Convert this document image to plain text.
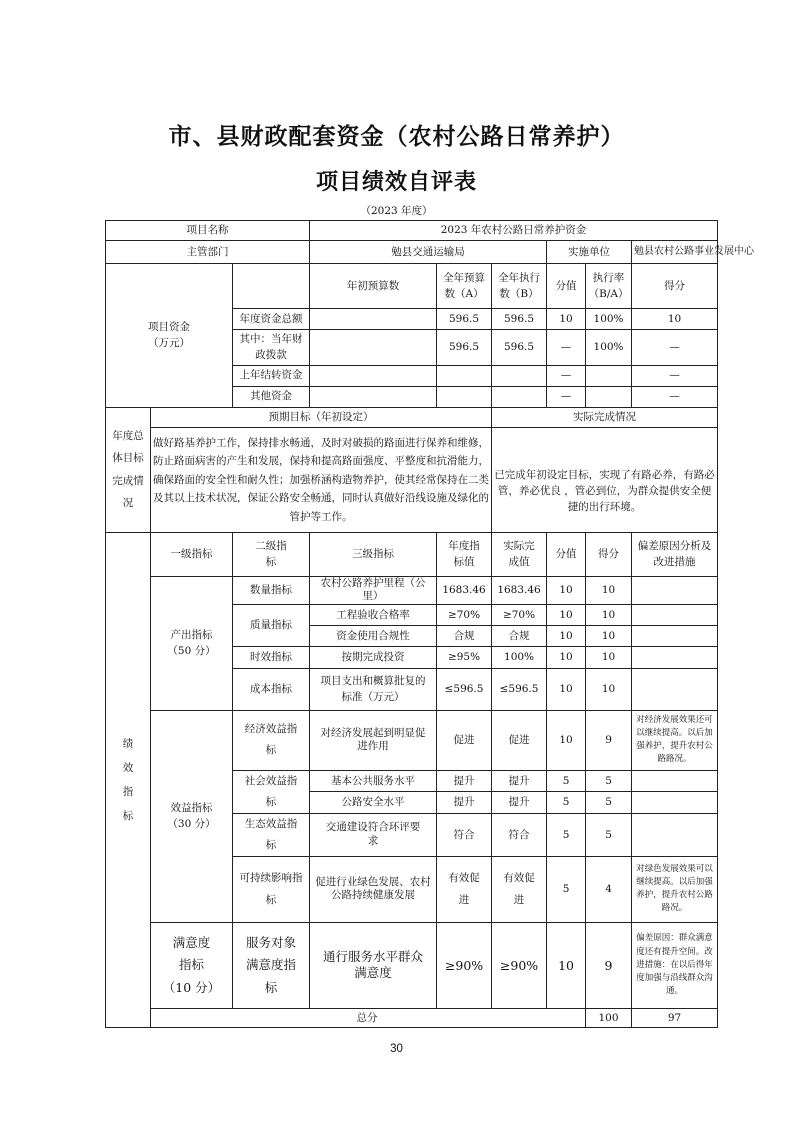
市、县财政配套资金（农村公路日常养护）
项目绩效自评表
（2023 年度）
项目名称			2023 年农村公路日常养护资金						
主管部门			勉县交通运输局			实施单位		勉县农村公路事业发展中心	

项目资金
（万元）			年初预算数	全年预算数（A）	全年执行数（B）	分值	执行率（B/A）	得分	
		年度资金总额		596.5	596.5	10	100%	10	
		其中：当年财政拨款		596.5	596.5	—	100%	—	
		上年结转资金				—		—	
		其他资金				—		—	
年度总体目标完成情况	预期目标（年初设定）				实际完成情况				
	做好路基养护工作，保持排水畅通，及时对破损的路面进行保养和维修，防止路面病害的产生和发展，保持和提高路面强度、平整度和抗滑能力，确保路面的安全性和耐久性；加强桥涵构造物养护，使其经常保持在二类及其以上技术状况，保证公路安全畅通，同时认真做好沿线设施及绿化的管护等工作。				已完成年初设定目标，实现了有路必养，有路必管，养必优良 ，管必到位，为群众提供安全便捷的出行环境。				

绩效指标	一级指标	二级指标	三级指标	年度指标值	实际完成值	分值	得分	偏差原因分析及改进措施	

	产出指标
（50 分）	数量指标	农村公路养护里程（公里）	1683.46	1683.46	10	10		
		质量指标	工程验收合格率	≥70%	≥70%	10	10		
			资金使用合规性	合规	合规	10	10		
		时效指标	按期完成投资	≥95%	100%	10	10		
		成本指标	项目支出和概算批复的标准（万元）	≤596.5	≤596.5	10	10		

	效益指标
（30 分）	经济效益指标	对经济发展起到明显促进作用	促进	促进	10	9	对经济发展效果还可以继续提高。以后加强养护，提升农村公路路况。	
		社会效益指标	基本公共服务水平	提升	提升	5	5		
			公路安全水平	提升	提升	5	5		
		生态效益指标	交通建设符合环评要求	符合	符合	5	5		
		可持续影响指标	促进行业绿色发展、农村公路持续健康发展	有效促进	有效促进	5	4	对绿色发展效果可以继续提高。以后加强养护，提升农村公路路况。	

	满意度指标
（10 分）	服务对象满意度指标	通行服务水平群众满意度	≥90%	≥90%	10	9	偏差原因：群众满意度还有提升空间。改进措施：在以后得年度加强与沿线群众沟通。	
	总分						100	97	
30
